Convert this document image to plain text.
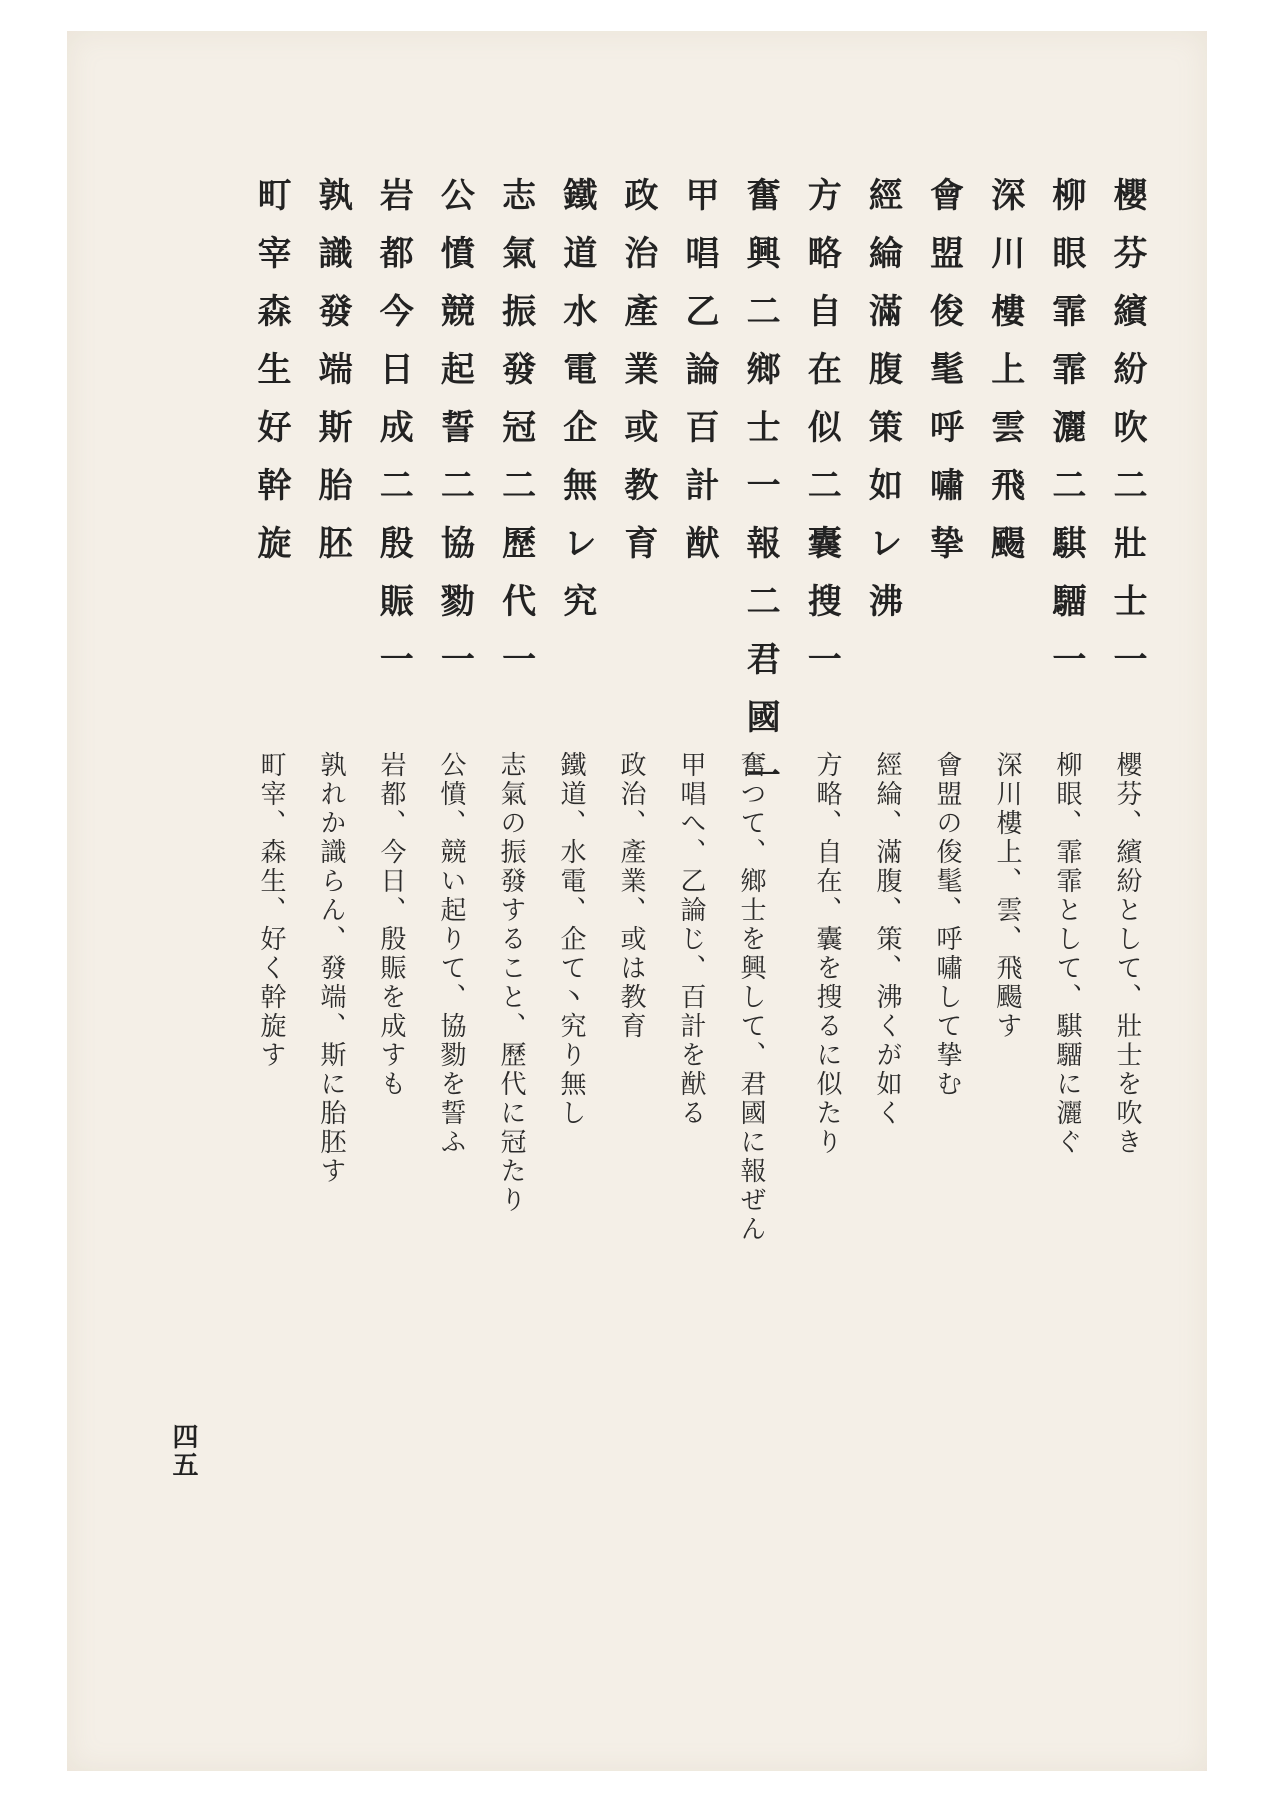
櫻芬繽紛吹二壯士一
柳眼霏霏灑二騏驑一
深川樓上雲飛颺
會盟俊髦呼嘯挚
經綸滿腹策如レ沸
方略自在似二囊搜一
奮興二鄉士一報二君國一
甲唱乙論百計猷
政治產業或教育
鐵道水電企無レ究
志氣振發冠二歷代一
公憤競起誓二協勠一
岩都今日成二殷賑一
孰識發端斯胎胚
町宰森生好幹旋
櫻芬、繽紛として、壯士を吹き
柳眼、霏霏として、騏驑に灑ぐ
深川樓上、雲、飛颺す
會盟の俊髦、呼嘯して挚む
經綸、滿腹、策、沸くが如く
方略、自在、囊を搜るに似たり
奮つて、鄉士を興して、君國に報ぜん
甲唱へ、乙論じ、百計を猷る
政治、產業、或は教育
鐵道、水電、企て丶究り無し
志氣の振發すること、歷代に冠たり
公憤、競い起りて、協勠を誓ふ
岩都、今日、殷賑を成すも
孰れか識らん、發端、斯に胎胚す
町宰、森生、好く幹旋す
四五
